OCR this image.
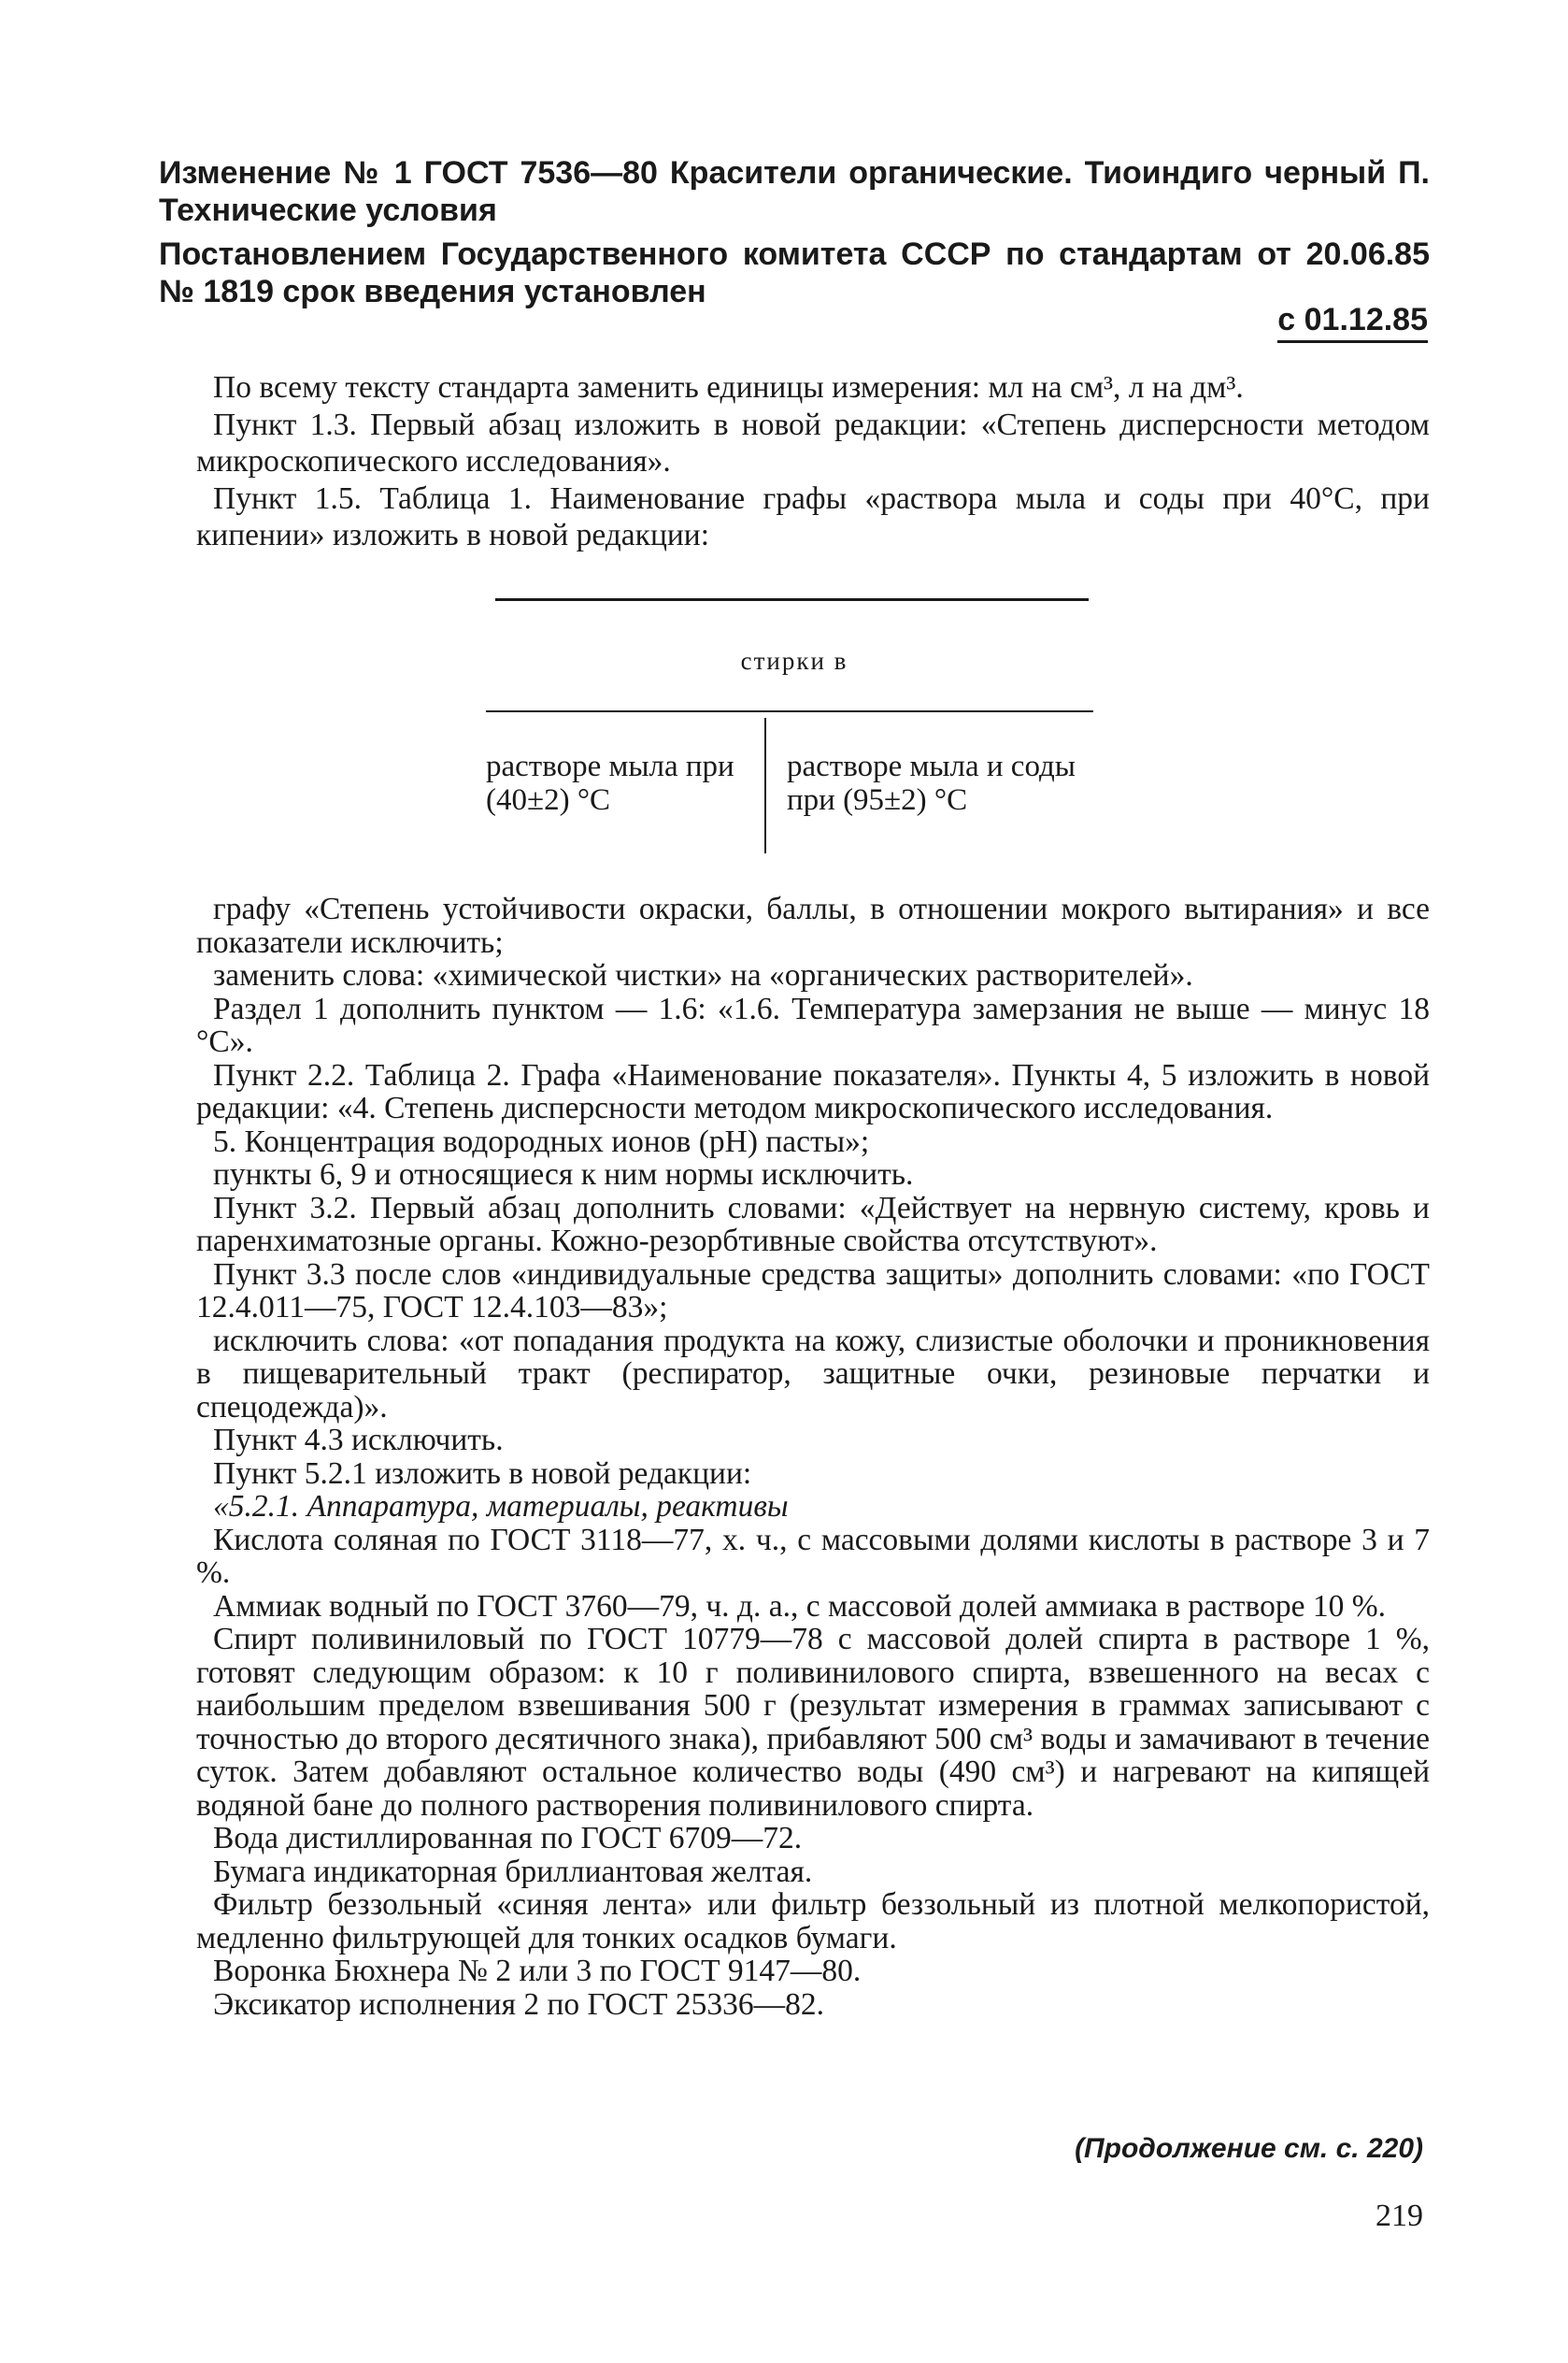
Изменение № 1 ГОСТ 7536—80 Красители органические. Тиоиндиго черный П. Технические условия
Постановлением Государственного комитета СССР по стандартам от 20.06.85 № 1819 срок введения установлен
с 01.12.85

По всему тексту стандарта заменить единицы измерения: мл на см³, л на дм³.

Пункт 1.3. Первый абзац изложить в новой редакции: «Степень дисперсности методом микроскопического исследования».

Пункт 1.5. Таблица 1. Наименование графы «раствора мыла и соды при 40°С, при кипении» изложить в новой редакции:

стирки в
растворе мыла при (40±2) °С
растворе мыла и соды при (95±2) °С

графу «Степень устойчивости окраски, баллы, в отношении мокрого вытирания» и все показатели исключить;

заменить слова: «химической чистки» на «органических растворителей».

Раздел 1 дополнить пунктом — 1.6: «1.6. Температура замерзания не выше — минус 18 °С».

Пункт 2.2. Таблица 2. Графа «Наименование показателя». Пункты 4, 5 изложить в новой редакции: «4. Степень дисперсности методом микроскопического исследования.

5. Концентрация водородных ионов (рН) пасты»;

пункты 6, 9 и относящиеся к ним нормы исключить.

Пункт 3.2. Первый абзац дополнить словами: «Действует на нервную систему, кровь и паренхиматозные органы. Кожно-резорбтивные свойства отсутствуют».

Пункт 3.3 после слов «индивидуальные средства защиты» дополнить словами: «по ГОСТ 12.4.011—75, ГОСТ 12.4.103—83»;

исключить слова: «от попадания продукта на кожу, слизистые оболочки и проникновения в пищеварительный тракт (респиратор, защитные очки, резиновые перчатки и спецодежда)».

Пункт 4.3 исключить.

Пункт 5.2.1 изложить в новой редакции:

«5.2.1. Аппаратура, материалы, реактивы

Кислота соляная по ГОСТ 3118—77, х. ч., с массовыми долями кислоты в растворе 3 и 7 %.

Аммиак водный по ГОСТ 3760—79, ч. д. а., с массовой долей аммиака в растворе 10 %.

Спирт поливиниловый по ГОСТ 10779—78 с массовой долей спирта в растворе 1 %, готовят следующим образом: к 10 г поливинилового спирта, взвешенного на весах с наибольшим пределом взвешивания 500 г (результат измерения в граммах записывают с точностью до второго десятичного знака), прибавляют 500 см³ воды и замачивают в течение суток. Затем добавляют остальное количество воды (490 см³) и нагревают на кипящей водяной бане до полного растворения поливинилового спирта.

Вода дистиллированная по ГОСТ 6709—72.

Бумага индикаторная бриллиантовая желтая.

Фильтр беззольный «синяя лента» или фильтр беззольный из плотной мелкопористой, медленно фильтрующей для тонких осадков бумаги.

Воронка Бюхнера № 2 или 3 по ГОСТ 9147—80.

Эксикатор исполнения 2 по ГОСТ 25336—82.

(Продолжение см. с. 220)
219
